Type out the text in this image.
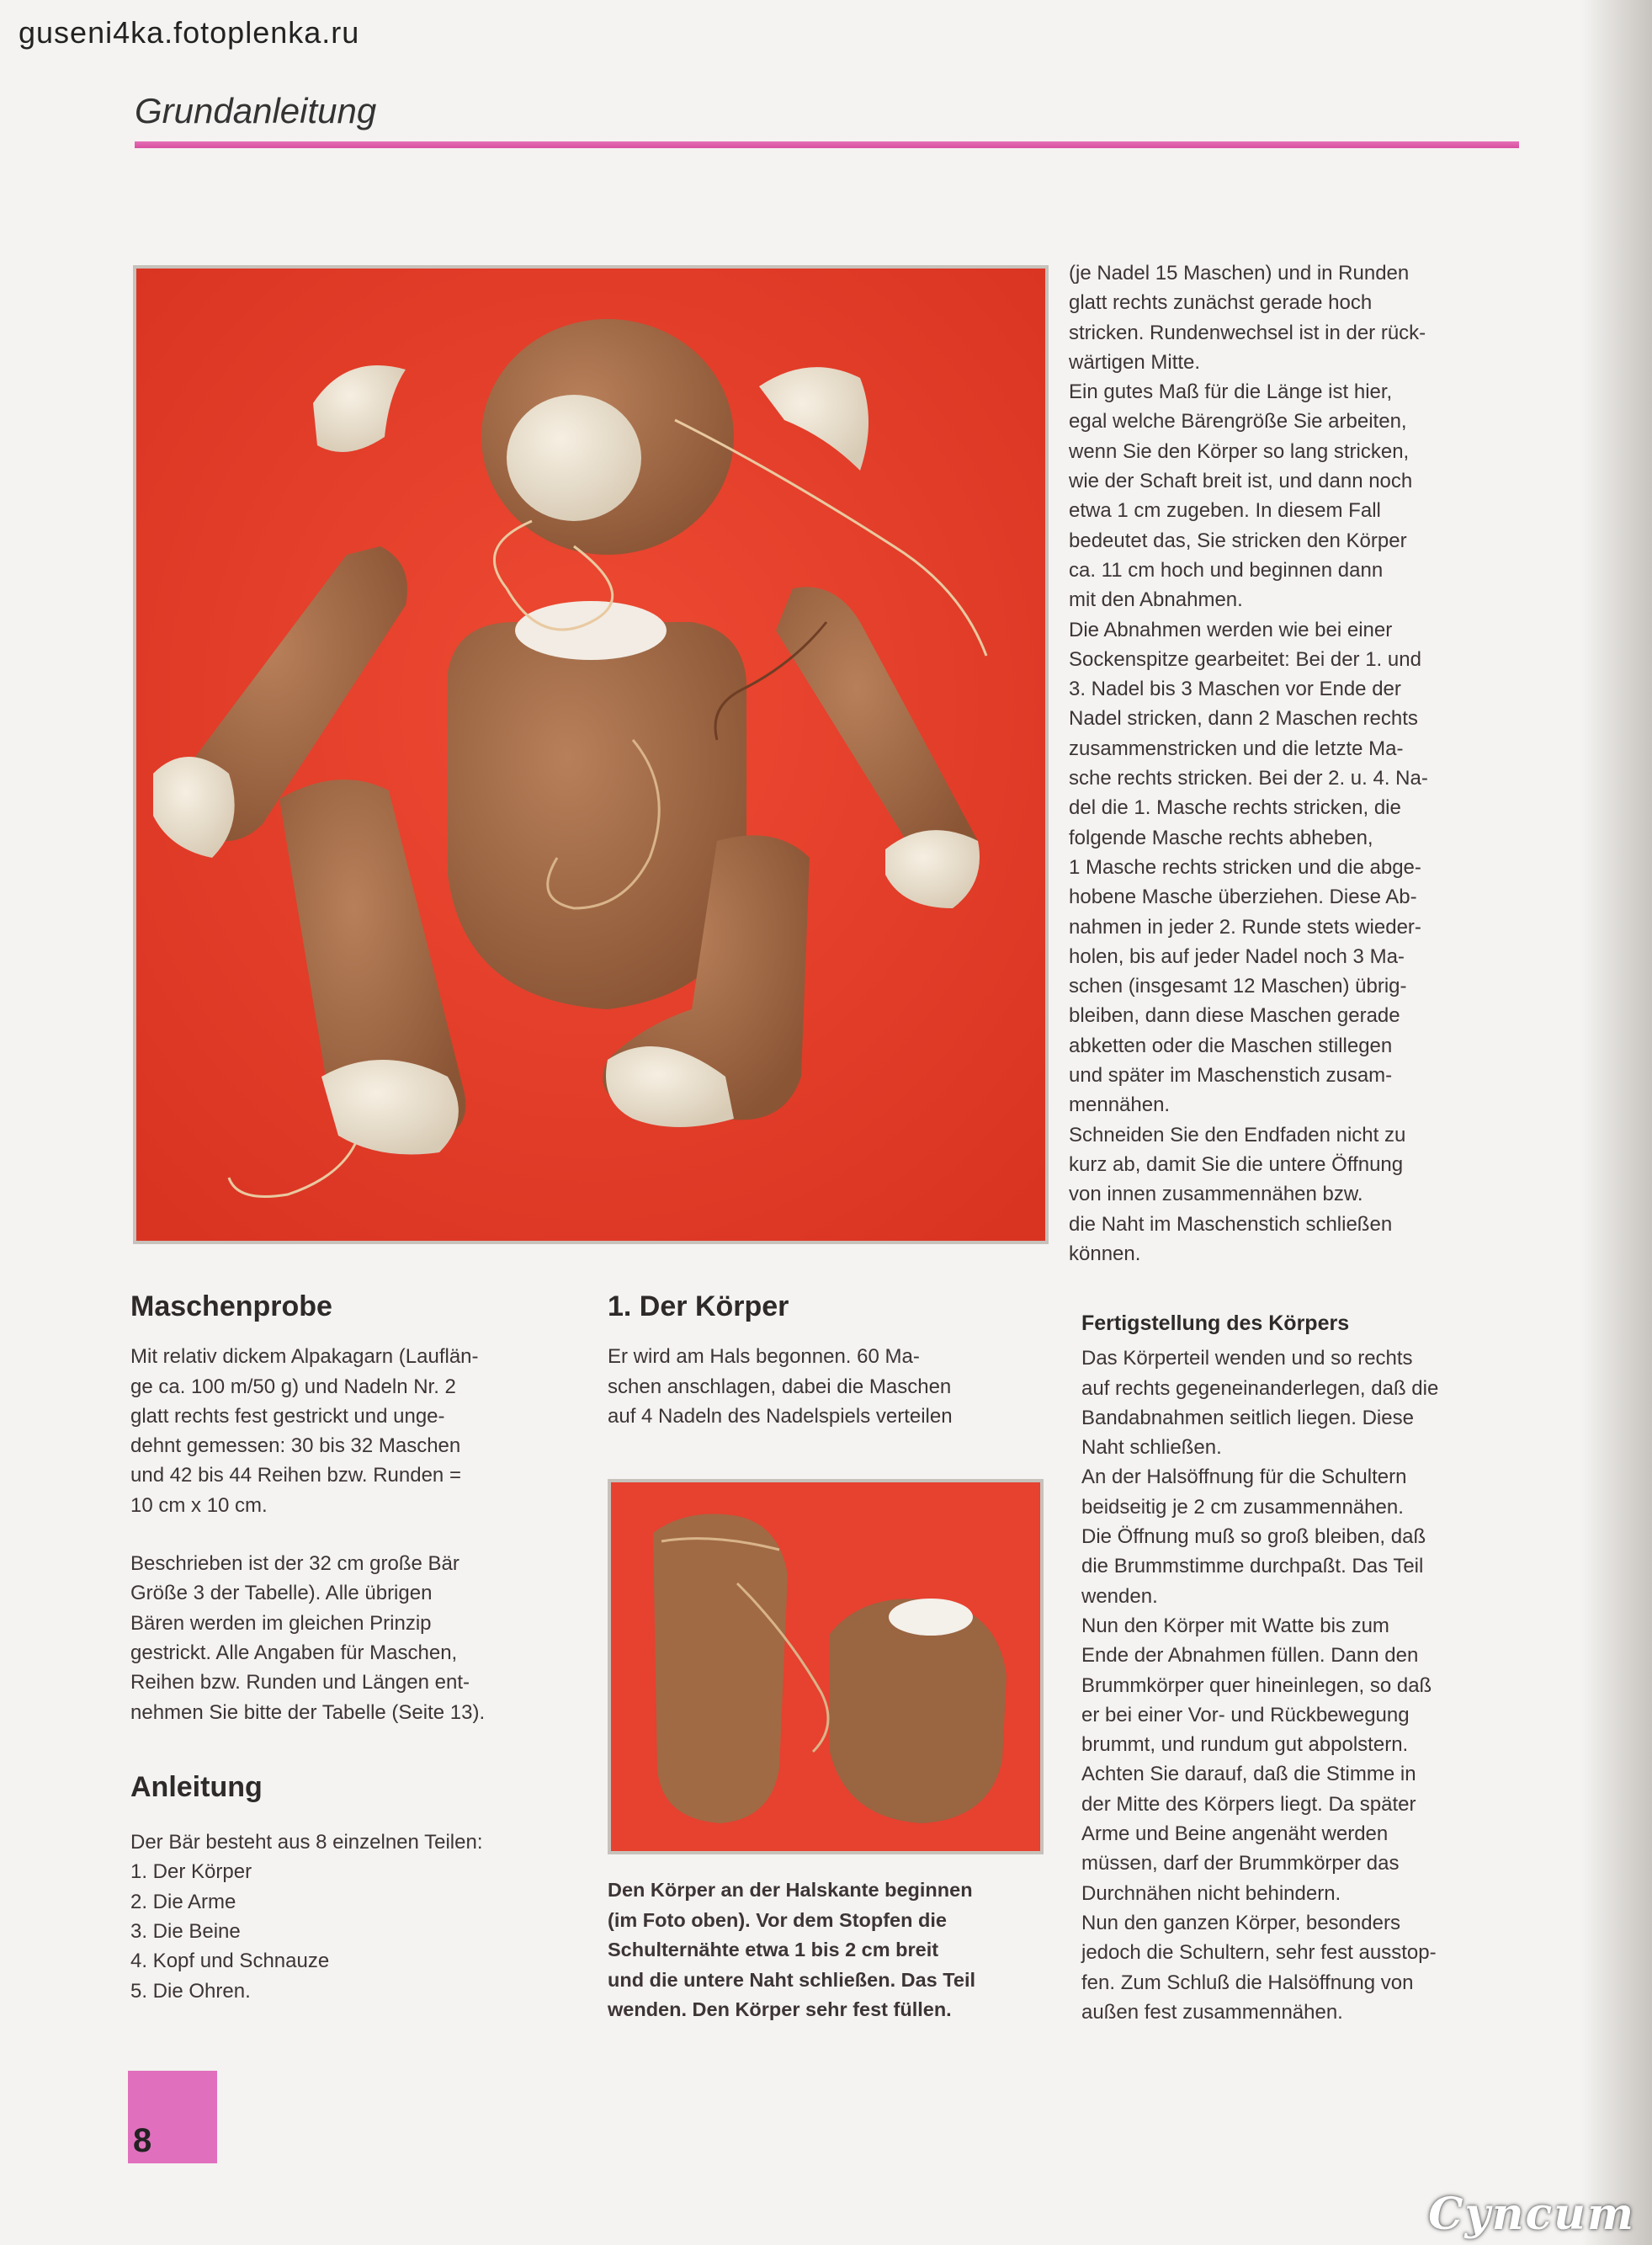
guseni4ka.fotoplenka.ru
Grundanleitung

(je Nadel 15 Maschen) und in Runden
glatt rechts zunächst gerade hoch
stricken. Rundenwechsel ist in der rück-
wärtigen Mitte.
Ein gutes Maß für die Länge ist hier,
egal welche Bärengröße Sie arbeiten,
wenn Sie den Körper so lang stricken,
wie der Schaft breit ist, und dann noch
etwa 1 cm zugeben. In diesem Fall
bedeutet das, Sie stricken den Körper
ca. 11 cm hoch und beginnen dann
mit den Abnahmen.
Die Abnahmen werden wie bei einer
Sockenspitze gearbeitet: Bei der 1. und
3. Nadel bis 3 Maschen vor Ende der
Nadel stricken, dann 2 Maschen rechts
zusammenstricken und die letzte Ma-
sche rechts stricken. Bei der 2. u. 4. Na-
del die 1. Masche rechts stricken, die
folgende Masche rechts abheben,
1 Masche rechts stricken und die abge-
hobene Masche überziehen. Diese Ab-
nahmen in jeder 2. Runde stets wieder-
holen, bis auf jeder Nadel noch 3 Ma-
schen (insgesamt 12 Maschen) übrig-
bleiben, dann diese Maschen gerade
abketten oder die Maschen stillegen
und später im Maschenstich zusam-
mennähen.
Schneiden Sie den Endfaden nicht zu
kurz ab, damit Sie die untere Öffnung
von innen zusammennähen bzw.
die Naht im Maschenstich schließen
können.

Maschenprobe

Mit relativ dickem Alpakagarn (Lauflän-
ge ca. 100 m/50 g) und Nadeln Nr. 2
glatt rechts fest gestrickt und unge-
dehnt gemessen: 30 bis 32 Maschen
und 42 bis 44 Reihen bzw. Runden =
10 cm x 10 cm.

Beschrieben ist der 32 cm große Bär
Größe 3 der Tabelle). Alle übrigen
Bären werden im gleichen Prinzip
gestrickt. Alle Angaben für Maschen,
Reihen bzw. Runden und Längen ent-
nehmen Sie bitte der Tabelle (Seite 13).

Anleitung

Der Bär besteht aus 8 einzelnen Teilen:

1. Der Körper

2. Die Arme

3. Die Beine

4. Kopf und Schnauze

5. Die Ohren.

1. Der Körper

Er wird am Hals begonnen. 60 Ma-
schen anschlagen, dabei die Maschen
auf 4 Nadeln des Nadelspiels verteilen

Den Körper an der Halskante beginnen
(im Foto oben). Vor dem Stopfen die
Schulternähte etwa 1 bis 2 cm breit
und die untere Naht schließen. Das Teil
wenden. Den Körper sehr fest füllen.

Fertigstellung des Körpers

Das Körperteil wenden und so rechts
auf rechts gegeneinanderlegen, daß die
Bandabnahmen seitlich liegen. Diese
Naht schließen.
An der Halsöffnung für die Schultern
beidseitig je 2 cm zusammennähen.
Die Öffnung muß so groß bleiben, daß
die Brummstimme durchpaßt. Das Teil
wenden.
Nun den Körper mit Watte bis zum
Ende der Abnahmen füllen. Dann den
Brummkörper quer hineinlegen, so daß
er bei einer Vor- und Rückbewegung
brummt, und rundum gut abpolstern.
Achten Sie darauf, daß die Stimme in
der Mitte des Körpers liegt. Da später
Arme und Beine angenäht werden
müssen, darf der Brummkörper das
Durchnähen nicht behindern.
Nun den ganzen Körper, besonders
jedoch die Schultern, sehr fest ausstop-
fen. Zum Schluß die Halsöffnung von
außen fest zusammennähen.

8
Cyncum
